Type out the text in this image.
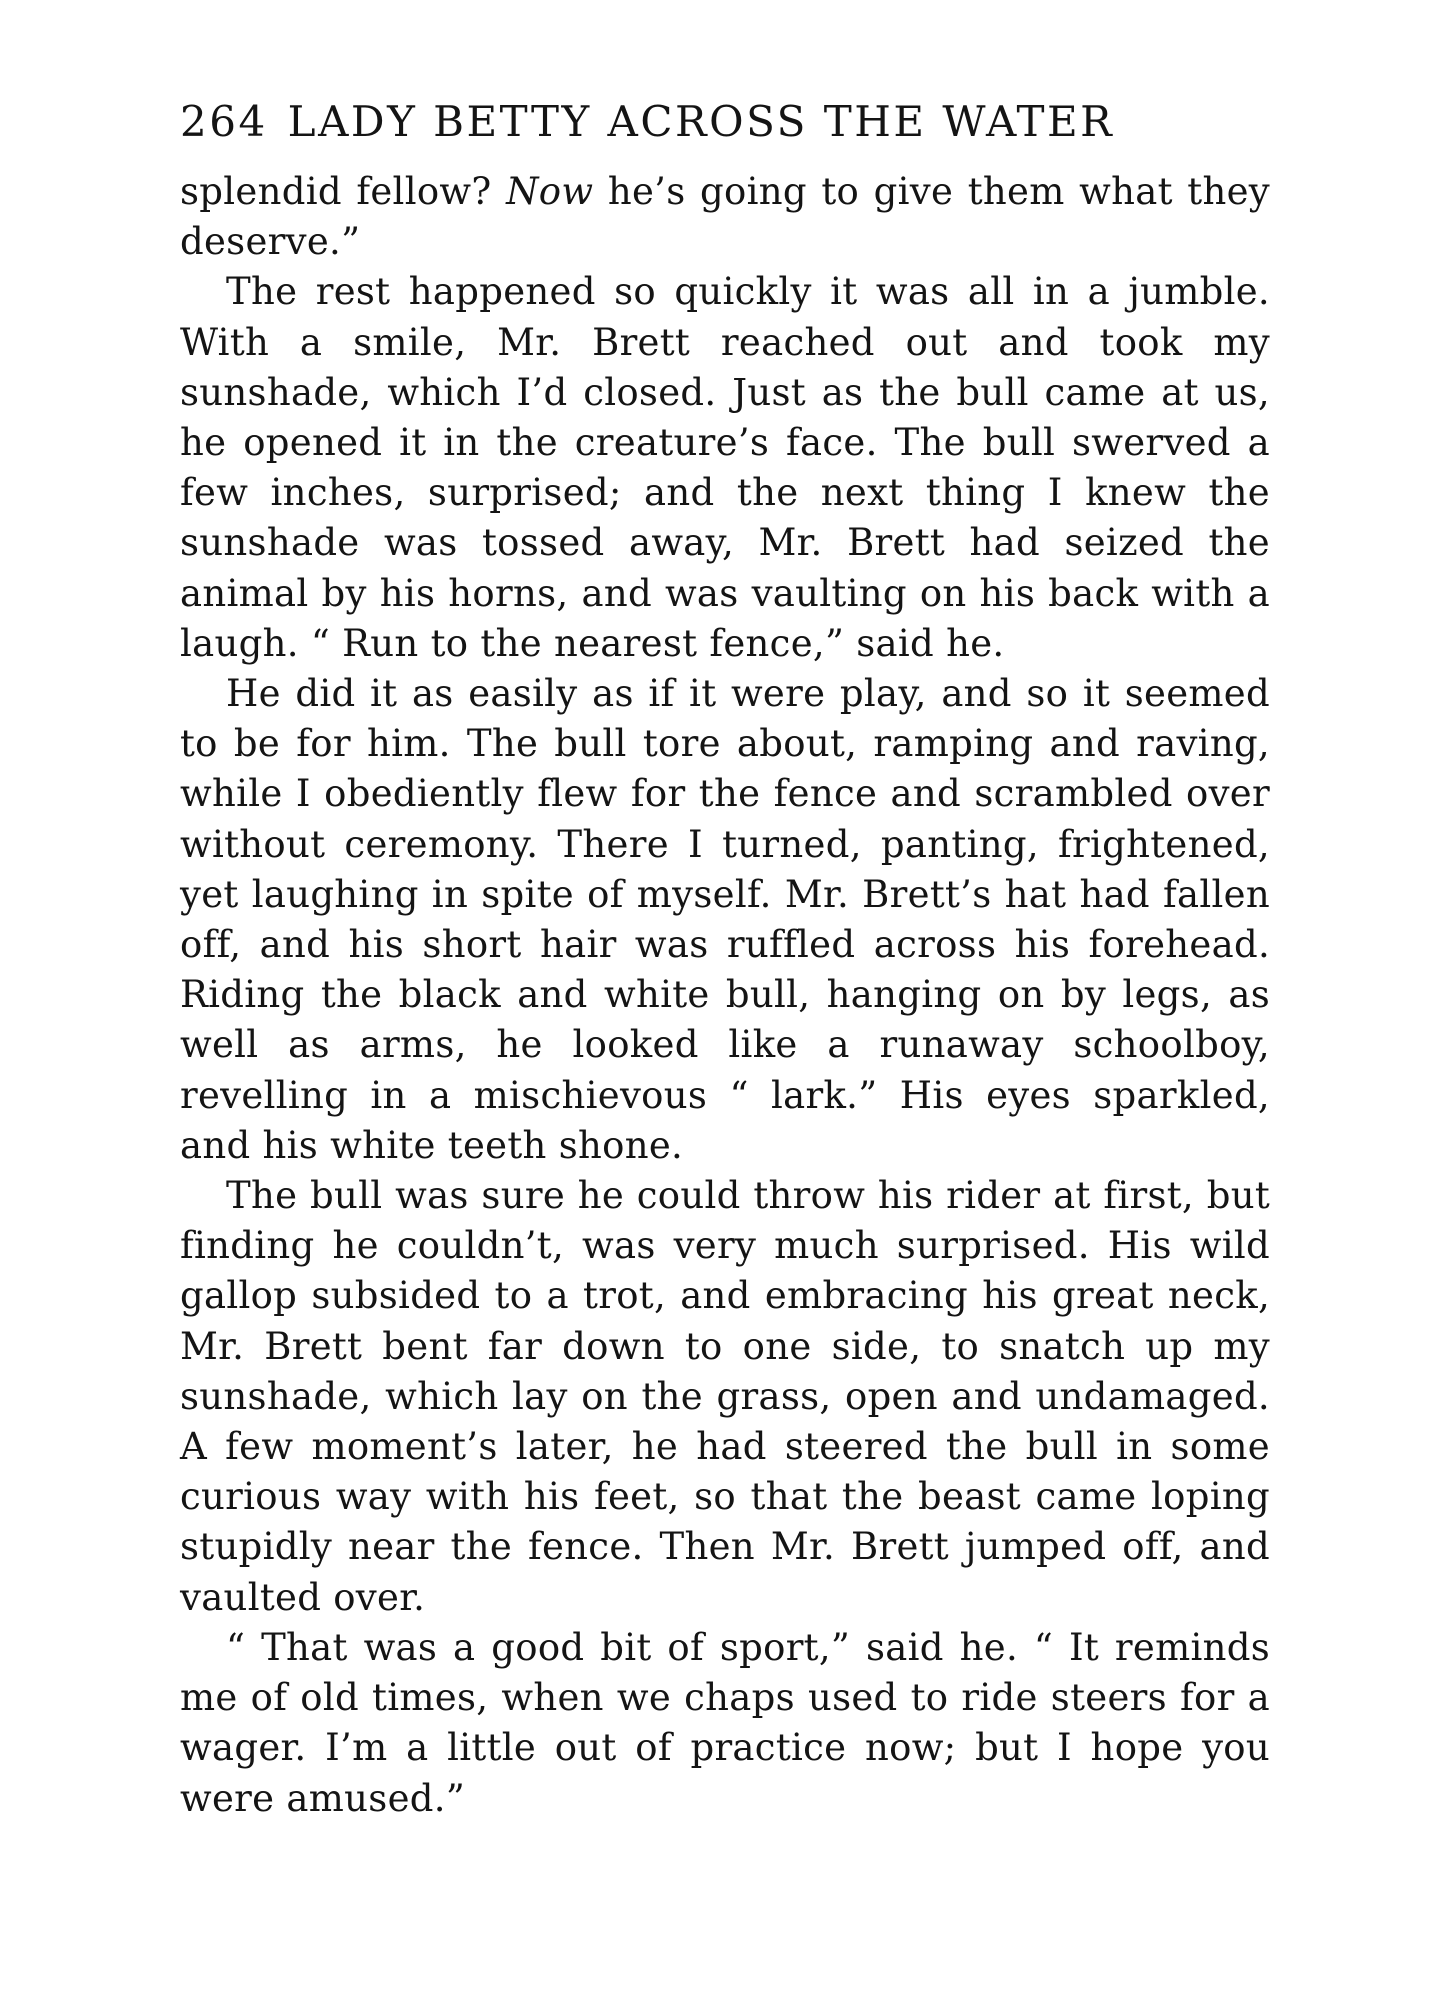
264 LADY BETTY ACROSS THE WATER

splendid fellow? Now he’s going to give them what they deserve.”

The rest happened so quickly it was all in a jumble. With a smile, Mr. Brett reached out and took my sunshade, which I’d closed. Just as the bull came at us, he opened it in the creature’s face. The bull swerved a few inches, surprised; and the next thing I knew the sunshade was tossed away, Mr. Brett had seized the animal by his horns, and was vaulting on his back with a laugh. “ Run to the nearest fence,” said he.

He did it as easily as if it were play, and so it seemed to be for him. The bull tore about, ramping and raving, while I obediently flew for the fence and scrambled over without ceremony. There I turned, panting, frightened, yet laughing in spite of myself. Mr. Brett’s hat had fallen off, and his short hair was ruffled across his forehead. Riding the black and white bull, hanging on by legs, as well as arms, he looked like a runaway schoolboy, revelling in a mischievous “ lark.” His eyes sparkled, and his white teeth shone.

The bull was sure he could throw his rider at first, but finding he couldn’t, was very much surprised. His wild gallop subsided to a trot, and embracing his great neck, Mr. Brett bent far down to one side, to snatch up my sunshade, which lay on the grass, open and undamaged. A few moment’s later, he had steered the bull in some curious way with his feet, so that the beast came loping stupidly near the fence. Then Mr. Brett jumped off, and vaulted over.

“ That was a good bit of sport,” said he. “ It reminds me of old times, when we chaps used to ride steers for a wager. I’m a little out of practice now; but I hope you were amused.”
